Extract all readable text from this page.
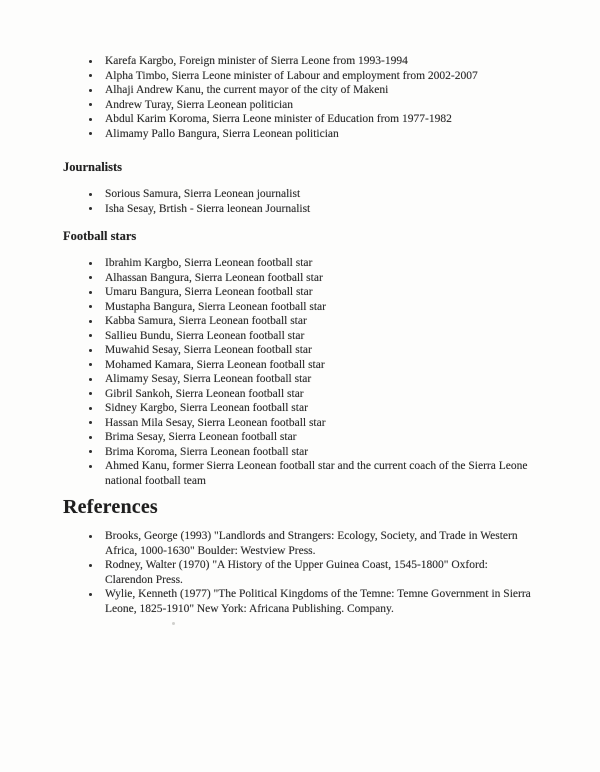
Karefa Kargbo, Foreign minister of Sierra Leone from 1993-1994
Alpha Timbo, Sierra Leone minister of Labour and employment from 2002-2007
Alhaji Andrew Kanu, the current mayor of the city of Makeni
Andrew Turay, Sierra Leonean politician
Abdul Karim Koroma, Sierra Leone minister of Education from 1977-1982
Alimamy Pallo Bangura, Sierra Leonean politician
Journalists
Sorious Samura, Sierra Leonean journalist
Isha Sesay, Brtish - Sierra leonean Journalist
Football stars
Ibrahim Kargbo, Sierra Leonean football star
Alhassan Bangura, Sierra Leonean football star
Umaru Bangura, Sierra Leonean football star
Mustapha Bangura, Sierra Leonean football star
Kabba Samura, Sierra Leonean football star
Sallieu Bundu, Sierra Leonean football star
Muwahid Sesay, Sierra Leonean football star
Mohamed Kamara, Sierra Leonean football star
Alimamy Sesay, Sierra Leonean football star
Gibril Sankoh, Sierra Leonean football star
Sidney Kargbo, Sierra Leonean football star
Hassan Mila Sesay, Sierra Leonean football star
Brima Sesay, Sierra Leonean football star
Brima Koroma, Sierra Leonean football star
Ahmed Kanu, former Sierra Leonean football star and the current coach of the Sierra Leone national football team
References
Brooks, George (1993) "Landlords and Strangers: Ecology, Society, and Trade in Western Africa, 1000-1630" Boulder: Westview Press.
Rodney, Walter (1970) "A History of the Upper Guinea Coast, 1545-1800" Oxford: Clarendon Press.
Wylie, Kenneth (1977) "The Political Kingdoms of the Temne: Temne Government in Sierra Leone, 1825-1910" New York: Africana Publishing. Company.
